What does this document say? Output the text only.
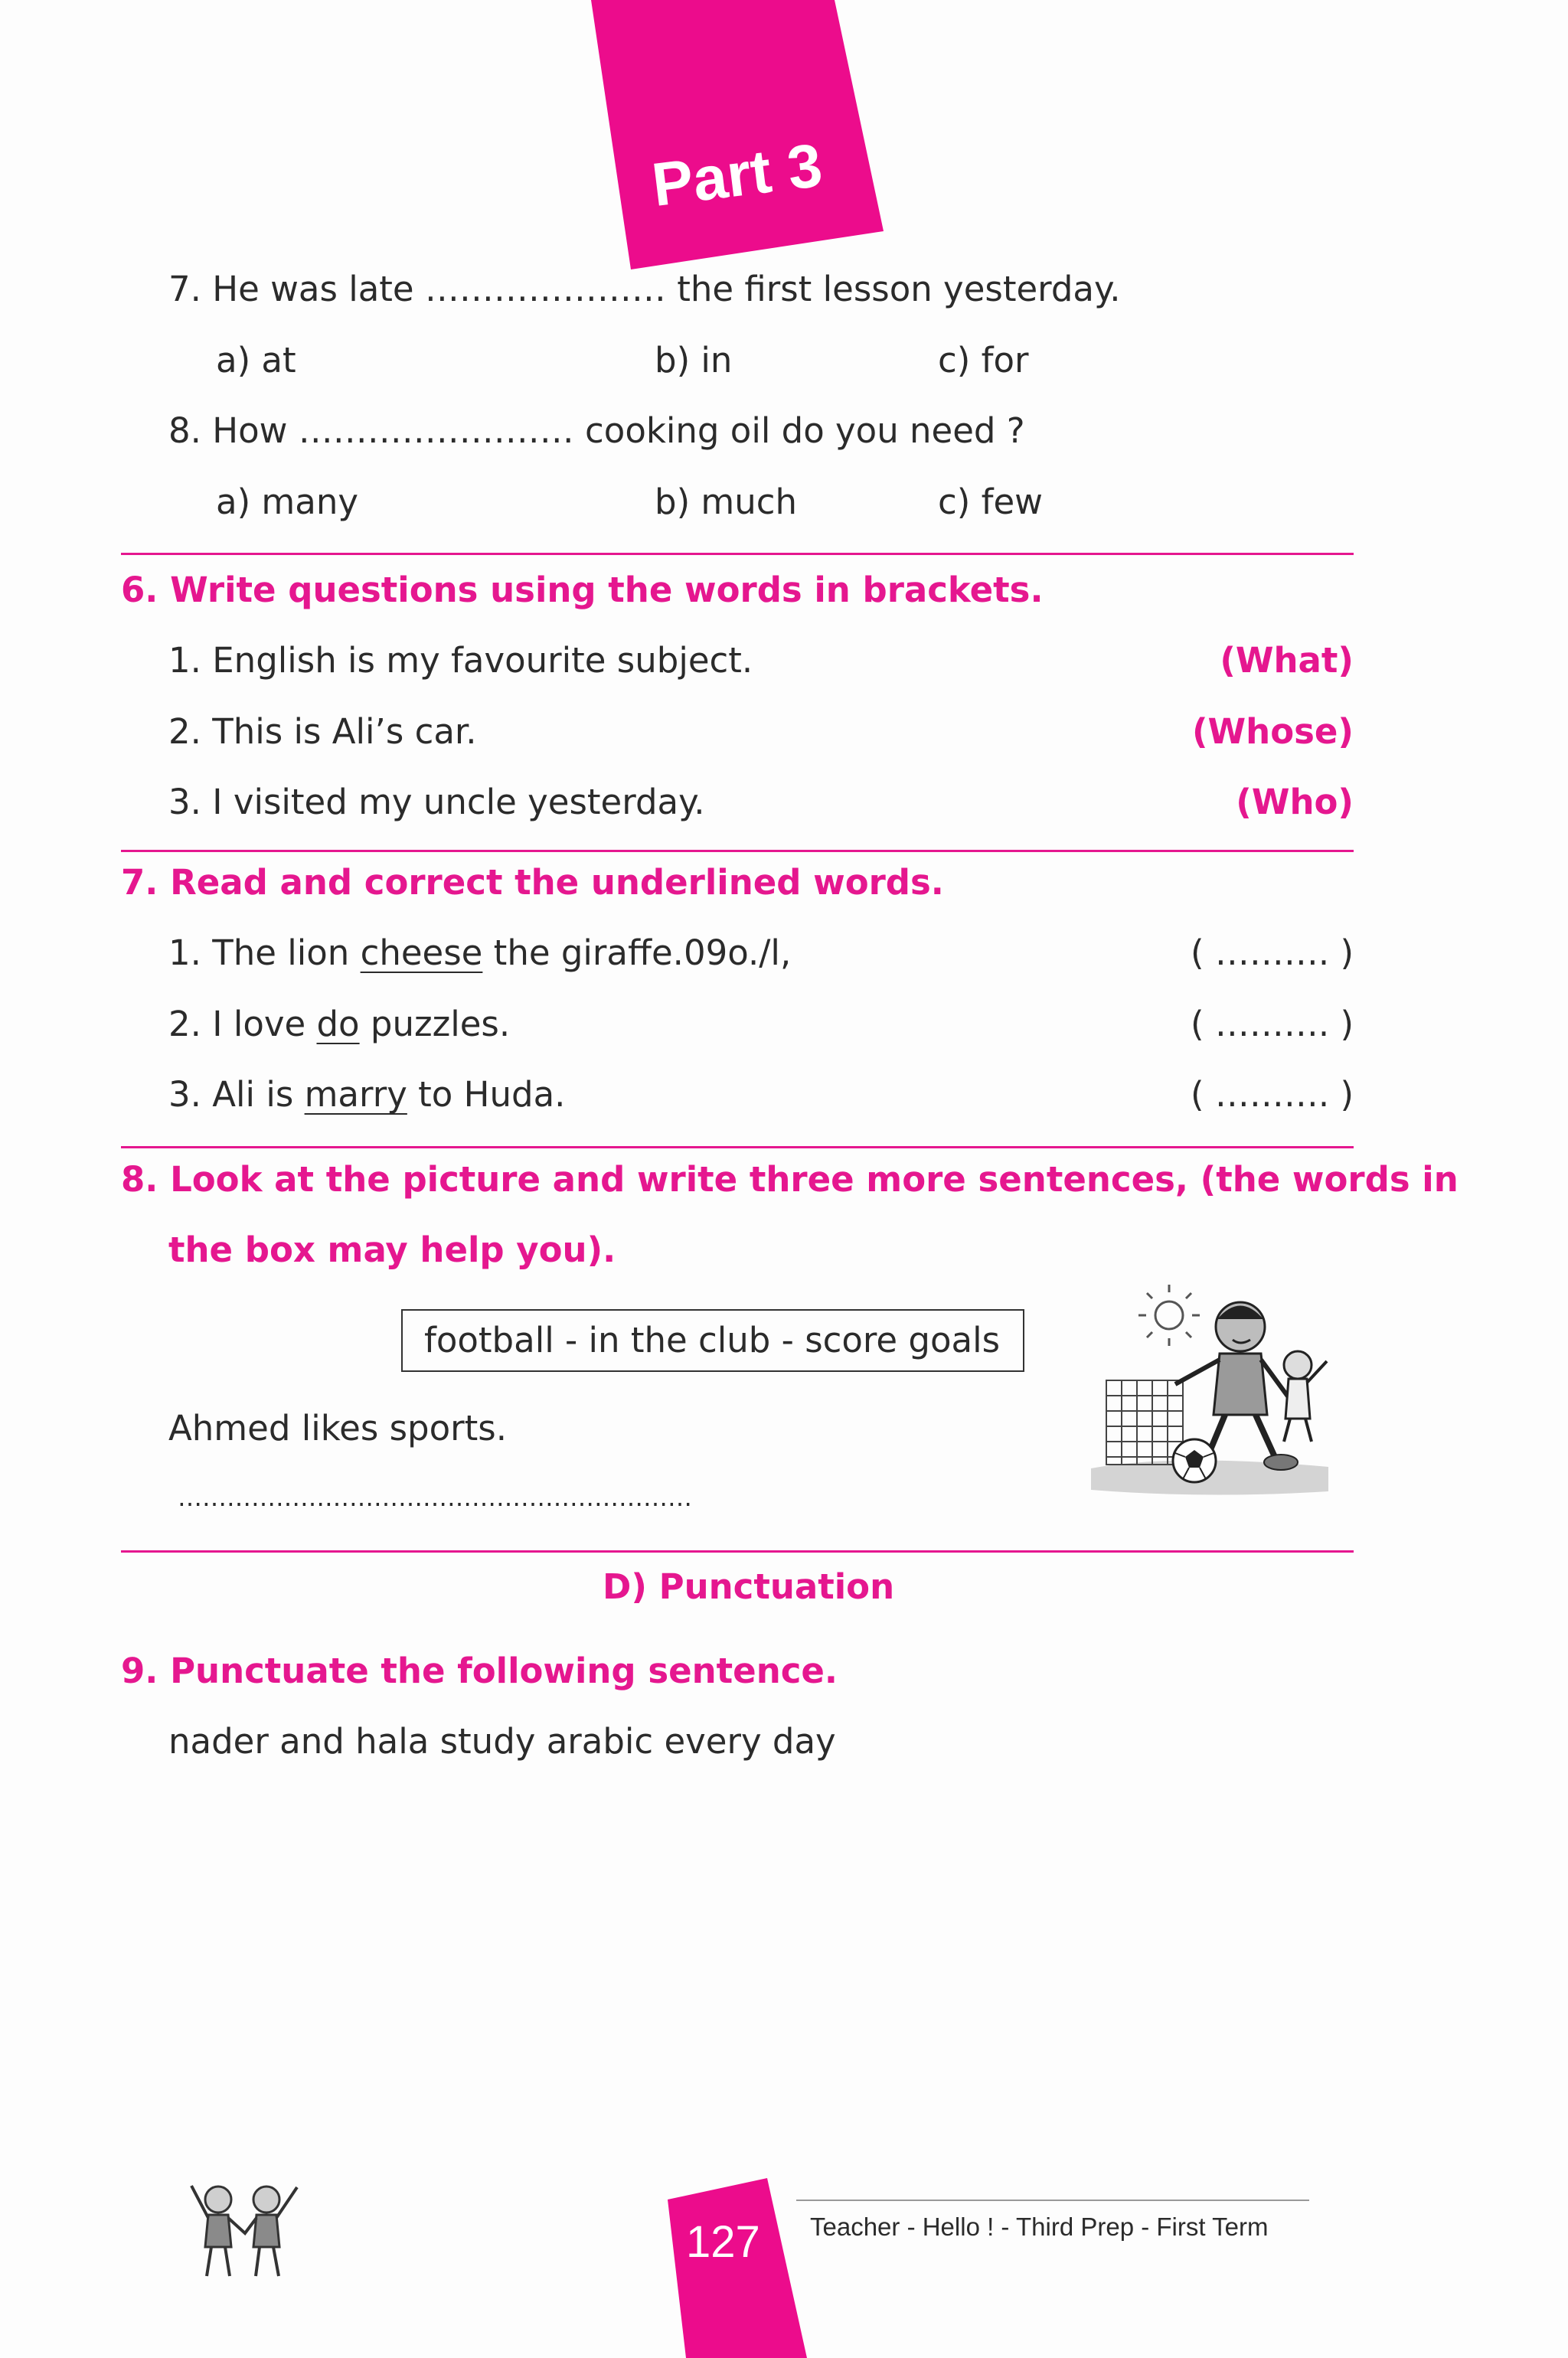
Part 3
7. He was late ………………… the first lesson yesterday.
a) at	b) in	c) for
8. How …………………… cooking oil do you need ?
a) many	b) much	c) few
6. Write questions using the words in brackets.
1. English is my favourite subject.	(What)
2. This is Ali’s car.	(Whose)
3. I visited my uncle yesterday.	(Who)
7. Read and correct the underlined words.
1. The lion cheese the giraffe.09o./l,	( ………. )
2. I love do puzzles.	( ………. )
3. Ali is marry to Huda.	( ………. )
8. Look at the picture and write three more sentences, (the words in
the box may help you).
football - in the club - score goals
Ahmed likes sports.
………………………………………………………
D) Punctuation
9. Punctuate the following sentence.
nader and hala study arabic every day
127 Teacher - Hello ! - Third Prep - First Term
